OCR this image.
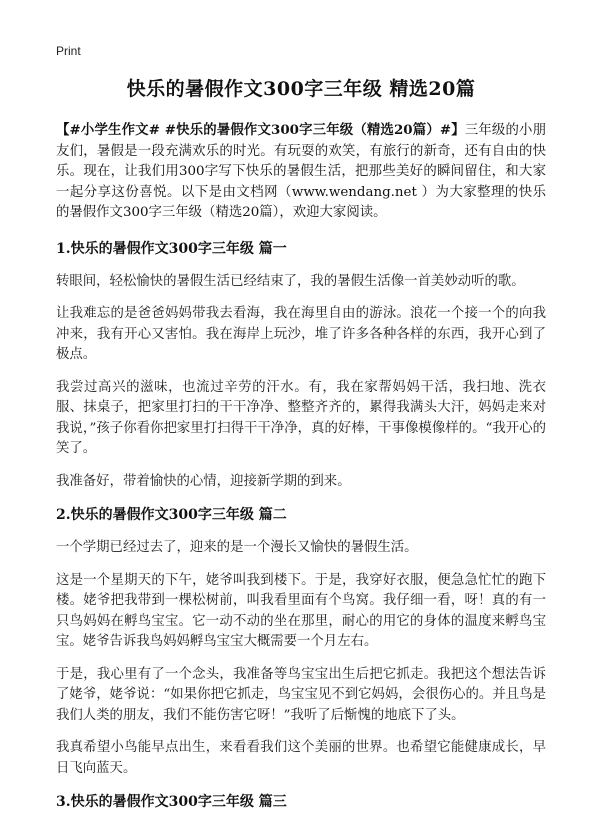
Print
快乐的暑假作文300字三年级 精选20篇

【#小学生作文# #快乐的暑假作文300字三年级（精选20篇）#】三年级的小朋友们，暑假是一段充满欢乐的时光。有玩耍的欢笑，有旅行的新奇，还有自由的快乐。现在，让我们用300字写下快乐的暑假生活，把那些美好的瞬间留住，和大家一起分享这份喜悦。以下是由文档网（www.wendang.net ）为大家整理的快乐的暑假作文300字三年级（精选20篇），欢迎大家阅读。

1.快乐的暑假作文300字三年级 篇一

转眼间，轻松愉快的暑假生活已经结束了，我的暑假生活像一首美妙动听的歌。

让我难忘的是爸爸妈妈带我去看海，我在海里自由的游泳。浪花一个接一个的向我冲来，我有开心又害怕。我在海岸上玩沙，堆了许多各种各样的东西，我开心到了极点。

我尝过高兴的滋味，也流过辛劳的汗水。有，我在家帮妈妈干活，我扫地、洗衣服、抹桌子，把家里打扫的干干净净、整整齐齐的，累得我满头大汗，妈妈走来对我说，”孩子你看你把家里打扫得干干净净，真的好棒，干事像模像样的。“我开心的笑了。

我准备好，带着愉快的心情，迎接新学期的到来。

2.快乐的暑假作文300字三年级 篇二

一个学期已经过去了，迎来的是一个漫长又愉快的暑假生活。

这是一个星期天的下午，姥爷叫我到楼下。于是，我穿好衣服，便急急忙忙的跑下楼。姥爷把我带到一棵松树前，叫我看里面有个鸟窝。我仔细一看，呀！真的有一只鸟妈妈在孵鸟宝宝。它一动不动的坐在那里，耐心的用它的身体的温度来孵鸟宝宝。姥爷告诉我鸟妈妈孵鸟宝宝大概需要一个月左右。

于是，我心里有了一个念头，我准备等鸟宝宝出生后把它抓走。我把这个想法告诉了姥爷，姥爷说：“如果你把它抓走，鸟宝宝见不到它妈妈，会很伤心的。并且鸟是我们人类的朋友，我们不能伤害它呀！”我听了后惭愧的地底下了头。

我真希望小鸟能早点出生，来看看我们这个美丽的世界。也希望它能健康成长，早日飞向蓝天。

3.快乐的暑假作文300字三年级 篇三
